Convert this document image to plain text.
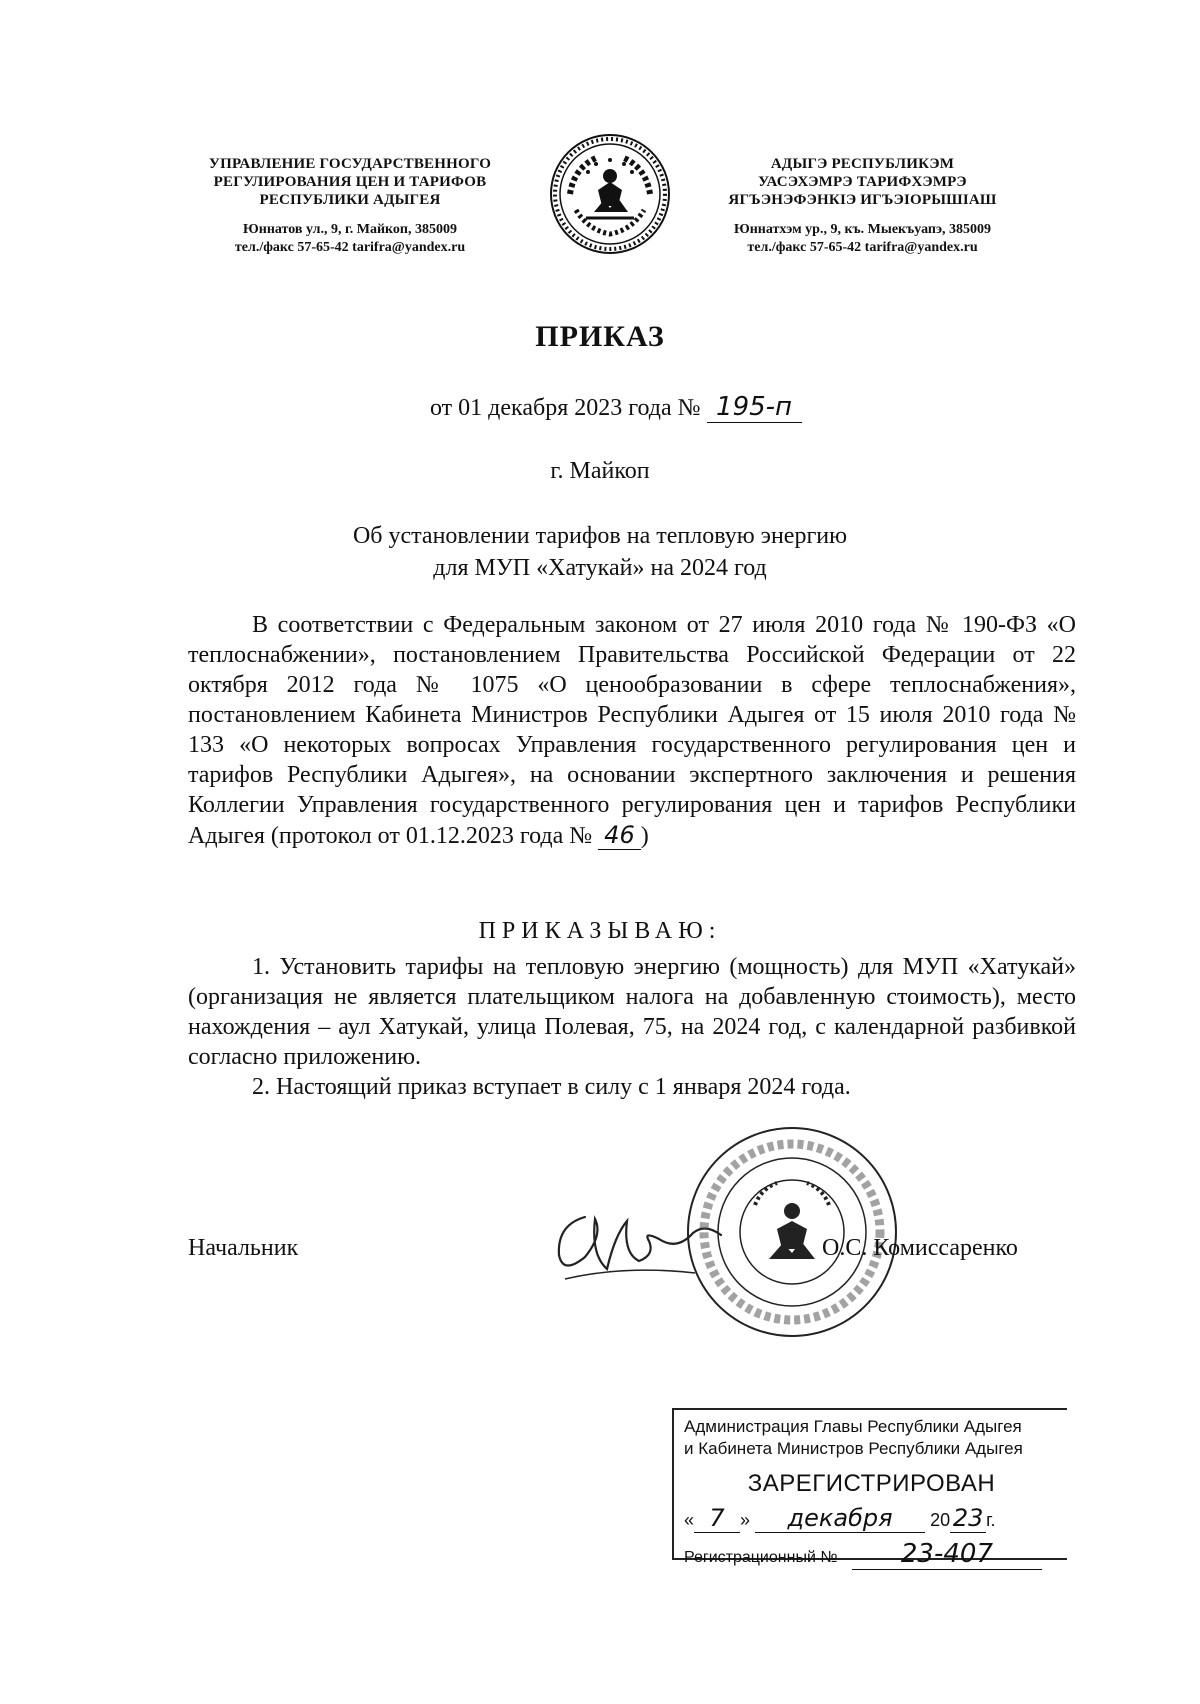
УПРАВЛЕНИЕ ГОСУДАРСТВЕННОГО
РЕГУЛИРОВАНИЯ ЦЕН И ТАРИФОВ
РЕСПУБЛИКИ АДЫГЕЯ
Юннатов ул., 9, г. Майкоп, 385009
тел./факс 57-65-42 tarifra@yandex.ru
АДЫГЭ РЕСПУБЛИКЭМ
УАСЭХЭМРЭ ТАРИФХЭМРЭ
ЯГЪЭНЭФЭНКIЭ ИГЪЭIОРЫШIАШ
Юннатхэм ур., 9, къ. Мыекъуапэ, 385009
тел./факс 57-65-42 tarifra@yandex.ru
ПРИКАЗ
от 01 декабря 2023 года № 195-п
г. Майкоп
Об установлении тарифов на тепловую энергию
для МУП «Хатукай» на 2024 год

В соответствии с Федеральным законом от 27 июля 2010 года № 190-ФЗ «О теплоснабжении», постановлением Правительства Российской Федерации от 22 октября 2012 года № 1075 «О ценообразовании в сфере теплоснабжения», постановлением Кабинета Министров Республики Адыгея от 15 июля 2010 года № 133 «О некоторых вопросах Управления государственного регулирования цен и тарифов Республики Адыгея», на основании экспертного заключения и решения Коллегии Управления государственного регулирования цен и тарифов Республики Адыгея (протокол от 01.12.2023 года № 46 )

ПРИКАЗЫВАЮ:

1. Установить тарифы на тепловую энергию (мощность) для МУП «Хатукай» (организация не является плательщиком налога на добавленную стоимость), место нахождения – аул Хатукай, улица Полевая, 75, на 2024 год, с календарной разбивкой согласно приложению.

2. Настоящий приказ вступает в силу с 1 января 2024 года.

Начальник	О.С. Комиссаренко
Администрация Главы Республики Адыгея
и Кабинета Министров Республики Адыгея
ЗАРЕГИСТРИРОВАН
« 7 » декабря 20 23 г.
Регистрационный № 23-407
